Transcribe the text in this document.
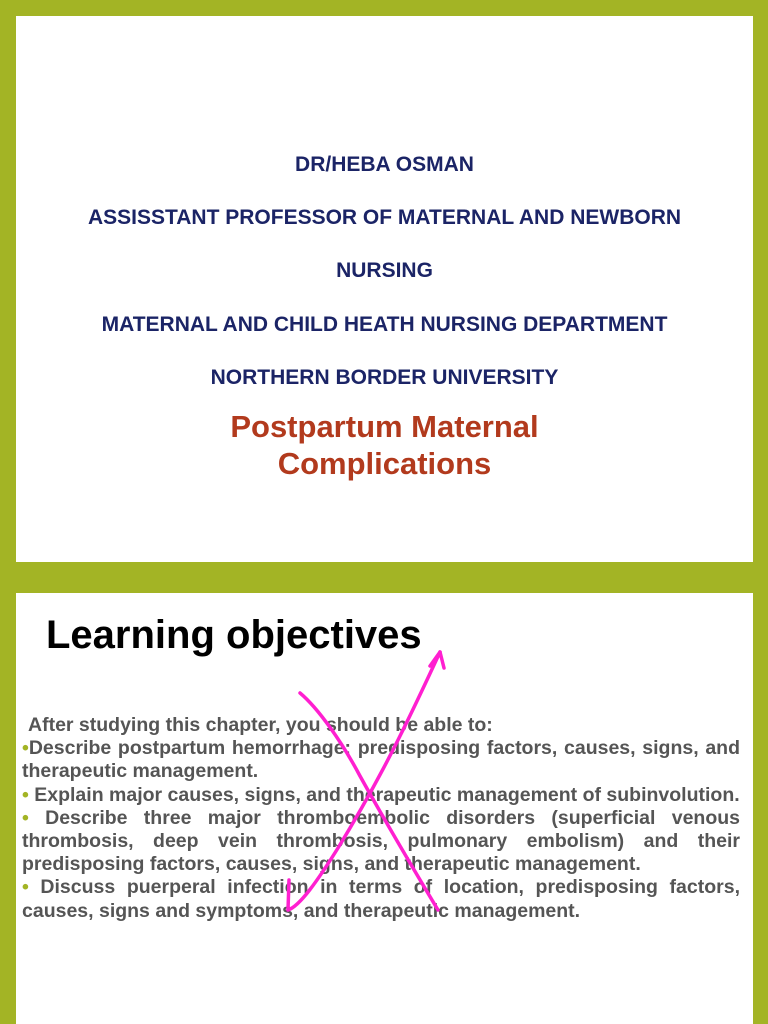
DR/HEBA OSMAN
ASSISSTANT PROFESSOR OF MATERNAL AND NEWBORN
NURSING
MATERNAL AND CHILD HEATH NURSING DEPARTMENT
NORTHERN BORDER UNIVERSITY
Postpartum Maternal
Complications
Learning objectives

After studying this chapter, you should be able to:

•Describe postpartum hemorrhage: predisposing factors, causes, signs, and therapeutic management.

• Explain major causes, signs, and therapeutic management of subinvolution.

• Describe three major thromboembolic disorders (superficial venous thrombosis, deep vein thrombosis, pulmonary embolism) and their predisposing factors, causes, signs, and therapeutic management.

• Discuss puerperal infection in terms of location, predisposing factors, causes, signs and symptoms, and therapeutic management.
